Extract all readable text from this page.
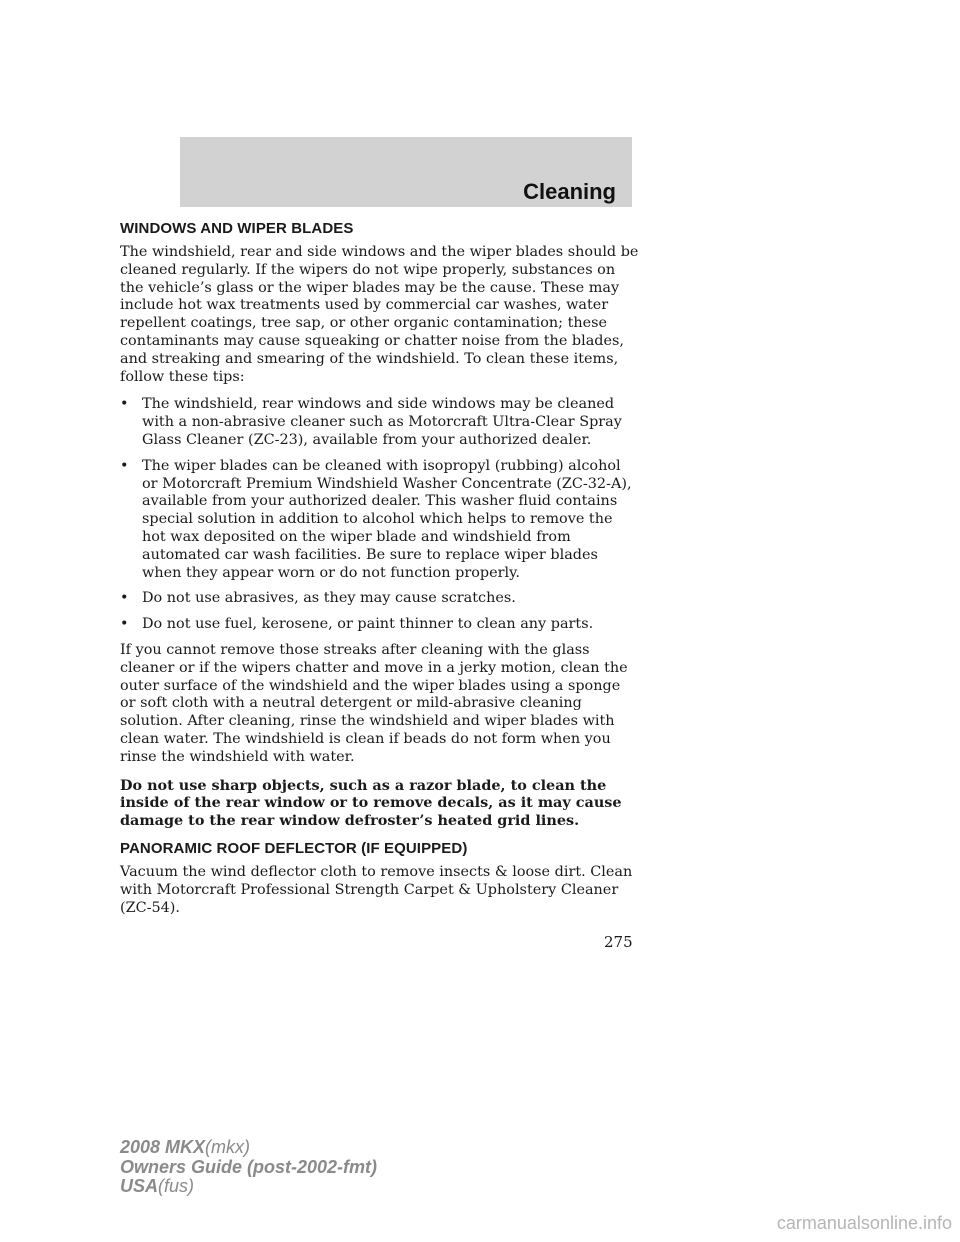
Cleaning
WINDOWS AND WIPER BLADES

The windshield, rear and side windows and the wiper blades should be cleaned regularly. If the wipers do not wipe properly, substances on the vehicle’s glass or the wiper blades may be the cause. These may include hot wax treatments used by commercial car washes, water repellent coatings, tree sap, or other organic contamination; these contaminants may cause squeaking or chatter noise from the blades, and streaking and smearing of the windshield. To clean these items, follow these tips:

• The windshield, rear windows and side windows may be cleaned with a non-abrasive cleaner such as Motorcraft Ultra-Clear Spray Glass Cleaner (ZC-23), available from your authorized dealer.
• The wiper blades can be cleaned with isopropyl (rubbing) alcohol or Motorcraft Premium Windshield Washer Concentrate (ZC-32-A), available from your authorized dealer. This washer fluid contains special solution in addition to alcohol which helps to remove the hot wax deposited on the wiper blade and windshield from automated car wash facilities. Be sure to replace wiper blades when they appear worn or do not function properly.
• Do not use abrasives, as they may cause scratches.
• Do not use fuel, kerosene, or paint thinner to clean any parts.

If you cannot remove those streaks after cleaning with the glass cleaner or if the wipers chatter and move in a jerky motion, clean the outer surface of the windshield and the wiper blades using a sponge or soft cloth with a neutral detergent or mild-abrasive cleaning solution. After cleaning, rinse the windshield and wiper blades with clean water. The windshield is clean if beads do not form when you rinse the windshield with water.

Do not use sharp objects, such as a razor blade, to clean the inside of the rear window or to remove decals, as it may cause damage to the rear window defroster’s heated grid lines.

PANORAMIC ROOF DEFLECTOR (IF EQUIPPED)

Vacuum the wind deflector cloth to remove insects & loose dirt. Clean with Motorcraft Professional Strength Carpet & Upholstery Cleaner (ZC-54).

275
2008 MKX(mkx)
Owners Guide (post-2002-fmt)
USA(fus)
carmanualsonline.info
